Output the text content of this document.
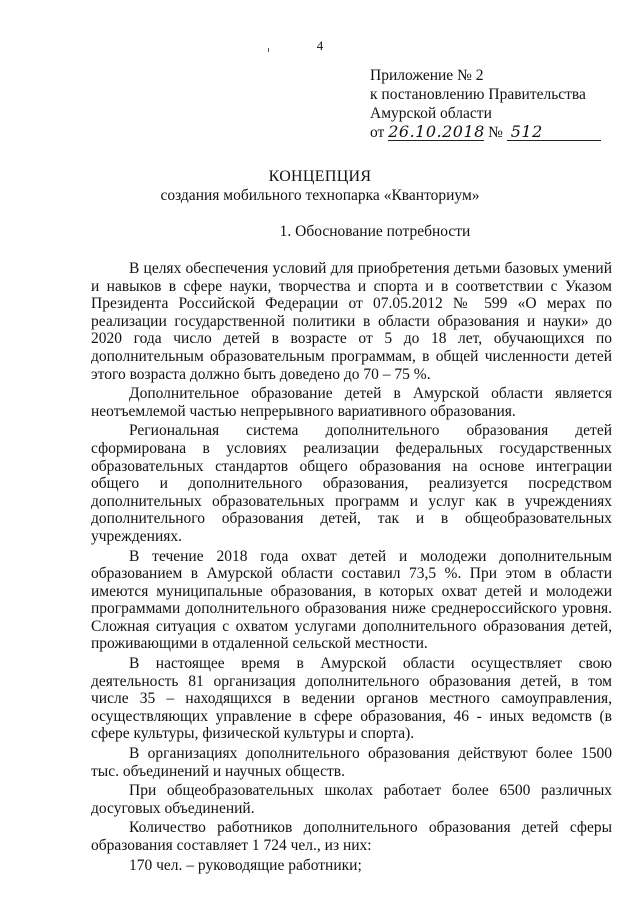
4
Приложение № 2
к постановлению Правительства
Амурской области
от 26.10.2018 № 512
КОНЦЕПЦИЯ
создания мобильного технопарка «Кванториум»
1. Обоснование потребности

В целях обеспечения условий для приобретения детьми базовых умений и навыков в сфере науки, творчества и спорта и в соответствии с Указом Президента Российской Федерации от 07.05.2012 № 599 «О мерах по реализации государственной политики в области образования и науки» до 2020 года число детей в возрасте от 5 до 18 лет, обучающихся по дополнительным образовательным программам, в общей численности детей этого возраста должно быть доведено до 70 – 75 %.

Дополнительное образование детей в Амурской области является неотъемлемой частью непрерывного вариативного образования.

Региональная система дополнительного образования детей сформирована в условиях реализации федеральных государственных образовательных стандартов общего образования на основе интеграции общего и дополнительного образования, реализуется посредством дополнительных образовательных программ и услуг как в учреждениях дополнительного образования детей, так и в общеобразовательных учреждениях.

В течение 2018 года охват детей и молодежи дополнительным образованием в Амурской области составил 73,5 %. При этом в области имеются муниципальные образования, в которых охват детей и молодежи программами дополнительного образования ниже среднероссийского уровня. Сложная ситуация с охватом услугами дополнительного образования детей, проживающими в отдаленной сельской местности.

В настоящее время в Амурской области осуществляет свою деятельность 81 организация дополнительного образования детей, в том числе 35 – находящихся в ведении органов местного самоуправления, осуществляющих управление в сфере образования, 46 - иных ведомств (в сфере культуры, физической культуры и спорта).

В организациях дополнительного образования действуют более 1500 тыс. объединений и научных обществ.

При общеобразовательных школах работает более 6500 различных досуговых объединений.

Количество работников дополнительного образования детей сферы образования составляет 1 724 чел., из них:

170 чел. – руководящие работники;
